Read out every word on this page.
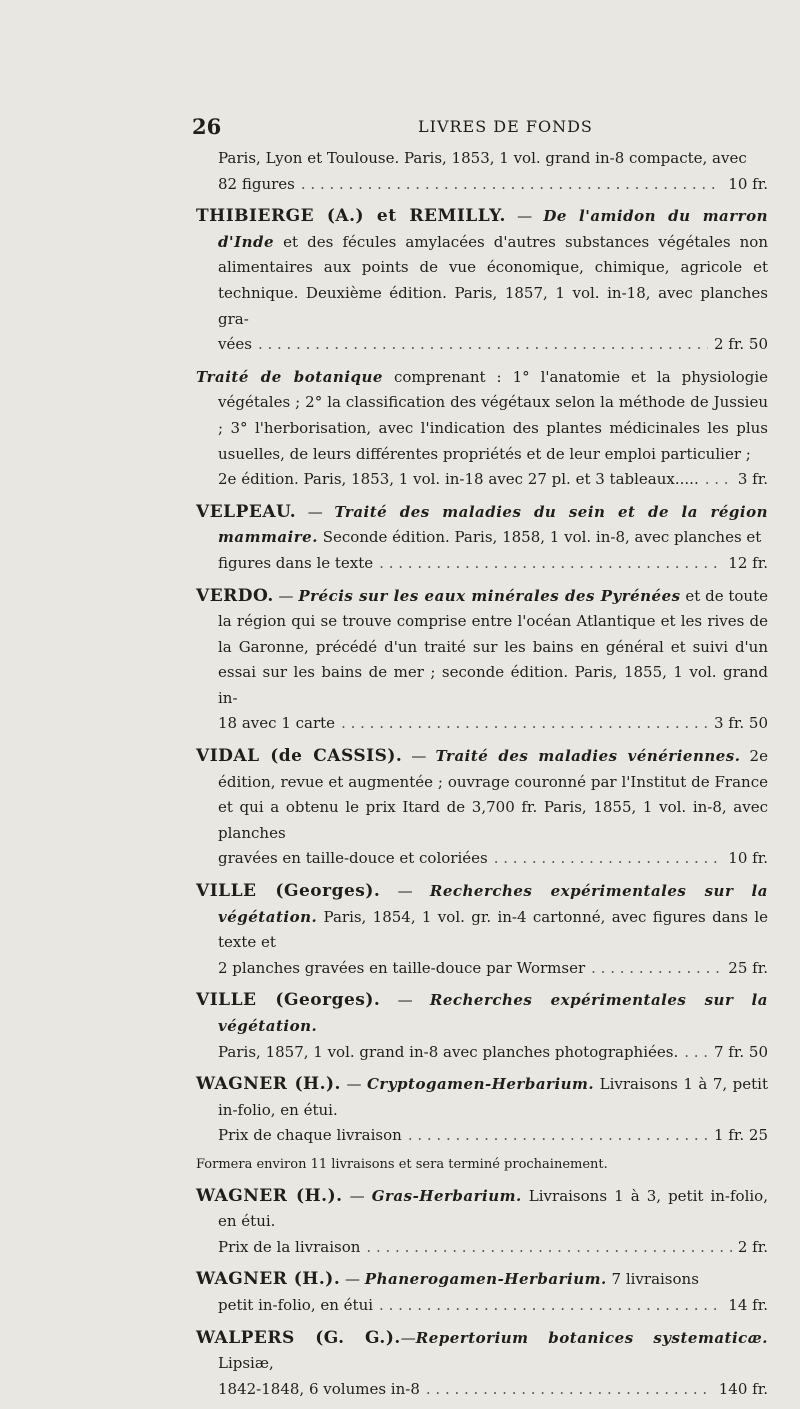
26	LIVRES DE FONDS
Paris, Lyon et Toulouse. Paris, 1853, 1 vol. grand in-8 compacte, avec
82 figures . . .	10 fr.
THIBIERGE (A.) et REMILLY. — De l'amidon du marron d'Inde et des fécules amylacées d'autres substances végétales non alimentaires aux points de vue économique, chimique, agricole et technique. Deuxième édition. Paris, 1857, 1 vol. in-18, avec planches gra-
vées . . .	2 fr. 50
Traité de botanique comprenant : 1° l'anatomie et la physiologie végétales ; 2° la classification des végétaux selon la méthode de Jussieu ; 3° l'herborisation, avec l'indication des plantes médicinales les plus usuelles, de leurs différentes propriétés et de leur emploi particulier ;
2e édition. Paris, 1853, 1 vol. in-18 avec 27 pl. et 3 tableaux..... . . .	3 fr.
VELPEAU. — Traité des maladies du sein et de la région mammaire. Seconde édition. Paris, 1858, 1 vol. in-8, avec planches et
figures dans le texte . . .	12 fr.
VERDO. — Précis sur les eaux minérales des Pyrénées et de toute la région qui se trouve comprise entre l'océan Atlantique et les rives de la Garonne, précédé d'un traité sur les bains en général et suivi d'un essai sur les bains de mer ; seconde édition. Paris, 1855, 1 vol. grand in-
18 avec 1 carte . . .	3 fr. 50
VIDAL (de CASSIS). — Traité des maladies vénériennes. 2e édition, revue et augmentée ; ouvrage couronné par l'Institut de France et qui a obtenu le prix Itard de 3,700 fr. Paris, 1855, 1 vol. in-8, avec planches
gravées en taille-douce et coloriées . . .	10 fr.
VILLE (Georges). — Recherches expérimentales sur la végétation. Paris, 1854, 1 vol. gr. in-4 cartonné, avec figures dans le texte et
2 planches gravées en taille-douce par Wormser . . .	25 fr.
VILLE (Georges). — Recherches expérimentales sur la végétation.
Paris, 1857, 1 vol. grand in-8 avec planches photographiées. . . . 7 fr. 50
WAGNER (H.). — Cryptogamen-Herbarium. Livraisons 1 à 7, petit in-folio, en étui.
Prix de chaque livraison . . .	1 fr. 25
Formera environ 11 livraisons et sera terminé prochainement.
WAGNER (H.). — Gras-Herbarium. Livraisons 1 à 3, petit in-folio, en étui.
Prix de la livraison . . .	2 fr.
WAGNER (H.). — Phanerogamen-Herbarium. 7 livraisons
petit in-folio, en étui . . .	14 fr.
WALPERS (G. G.).—Repertorium botanices systematicæ. Lipsiæ,
1842-1848, 6 volumes in-8 . . .	140 fr.
